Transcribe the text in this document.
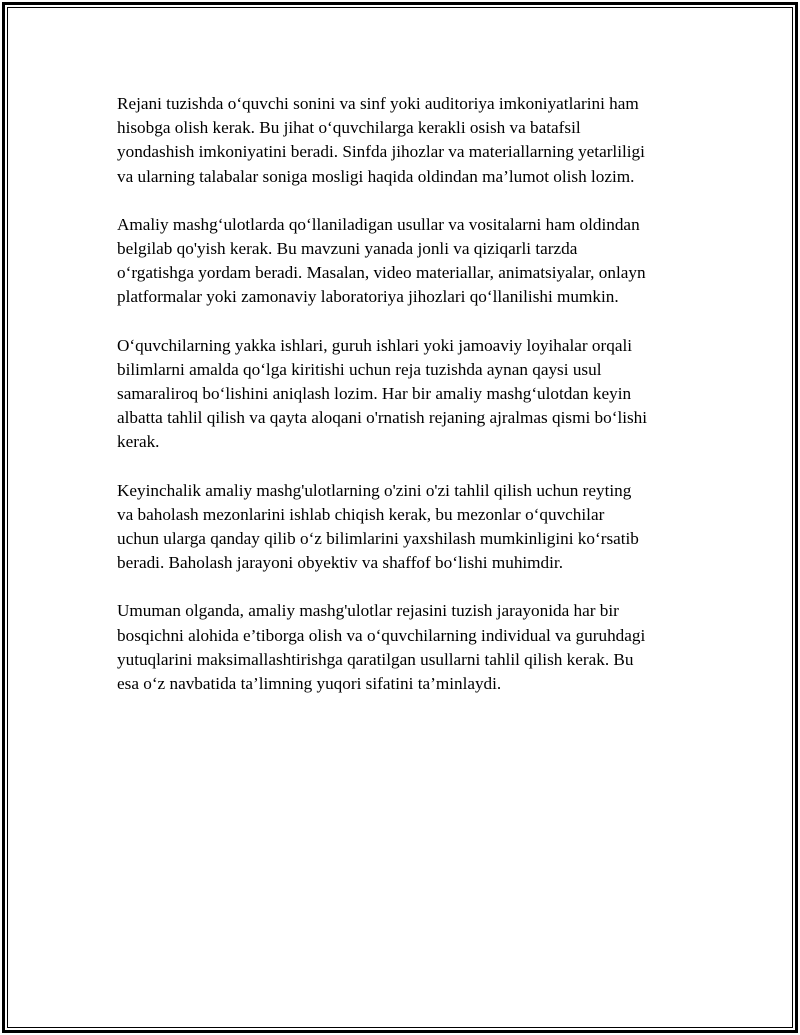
Rejani tuzishda o‘quvchi sonini va sinf yoki auditoriya imkoniyatlarini ham
hisobga olish kerak. Bu jihat o‘quvchilarga kerakli osish va batafsil
yondashish imkoniyatini beradi. Sinfda jihozlar va materiallarning yetarliligi
va ularning talabalar soniga mosligi haqida oldindan ma’lumot olish lozim.

Amaliy mashg‘ulotlarda qo‘llaniladigan usullar va vositalarni ham oldindan
belgilab qo'yish kerak. Bu mavzuni yanada jonli va qiziqarli tarzda
o‘rgatishga yordam beradi. Masalan, video materiallar, animatsiyalar, onlayn
platformalar yoki zamonaviy laboratoriya jihozlari qo‘llanilishi mumkin.

O‘quvchilarning yakka ishlari, guruh ishlari yoki jamoaviy loyihalar orqali
bilimlarni amalda qo‘lga kiritishi uchun reja tuzishda aynan qaysi usul
samaraliroq bo‘lishini aniqlash lozim. Har bir amaliy mashg‘ulotdan keyin
albatta tahlil qilish va qayta aloqani o'rnatish rejaning ajralmas qismi bo‘lishi
kerak.

Keyinchalik amaliy mashg'ulotlarning o'zini o'zi tahlil qilish uchun reyting
va baholash mezonlarini ishlab chiqish kerak, bu mezonlar o‘quvchilar
uchun ularga qanday qilib o‘z bilimlarini yaxshilash mumkinligini ko‘rsatib
beradi. Baholash jarayoni obyektiv va shaffof bo‘lishi muhimdir.

Umuman olganda, amaliy mashg'ulotlar rejasini tuzish jarayonida har bir
bosqichni alohida e’tiborga olish va o‘quvchilarning individual va guruhdagi
yutuqlarini maksimallashtirishga qaratilgan usullarni tahlil qilish kerak. Bu
esa o‘z navbatida ta’limning yuqori sifatini ta’minlaydi.
